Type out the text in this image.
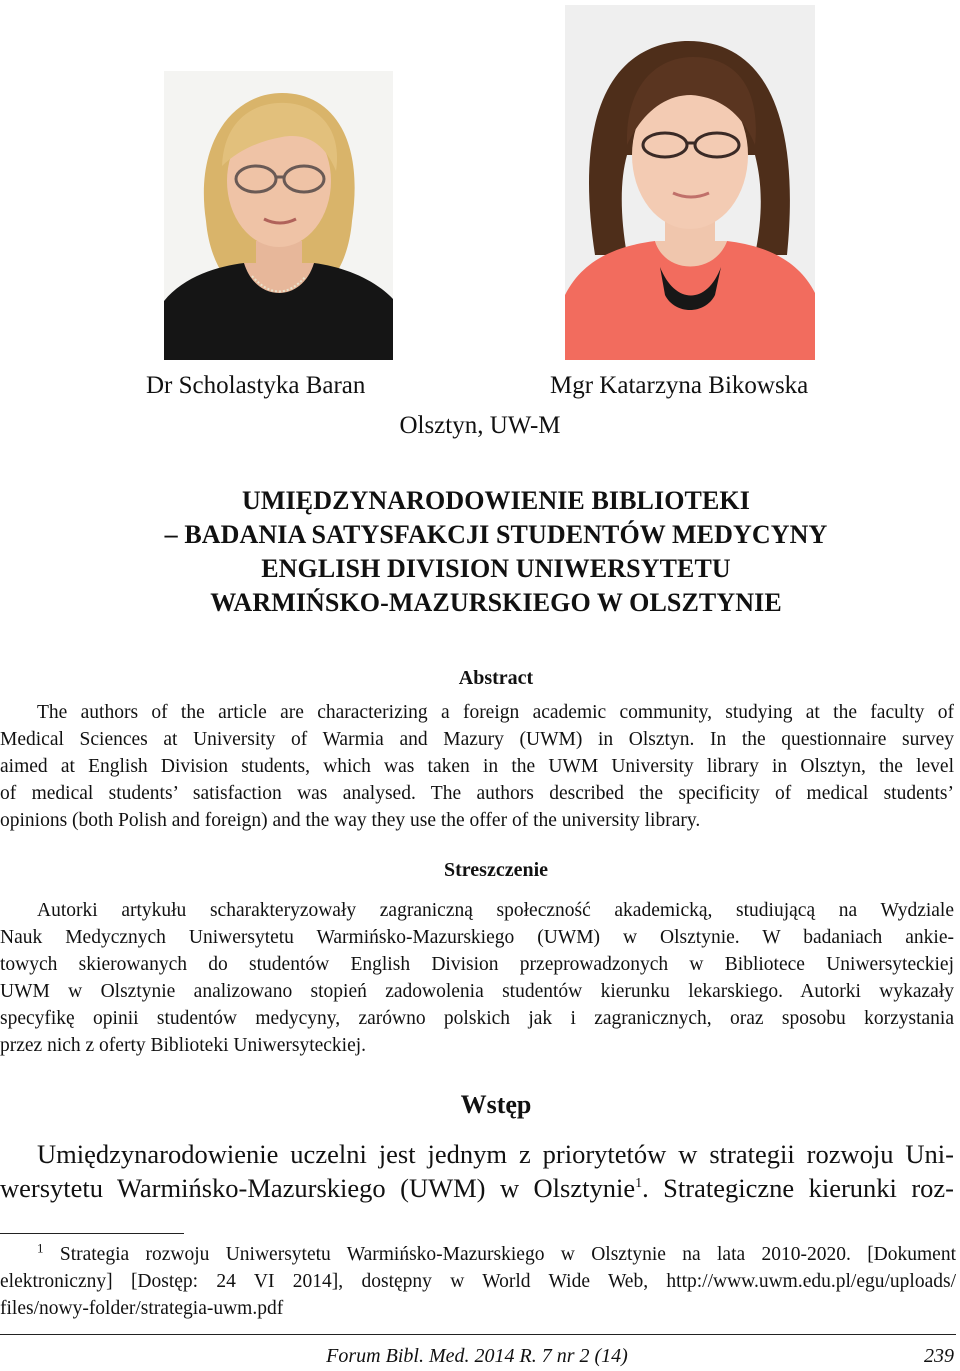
Dr Scholastyka Baran	Mgr Katarzyna Bikowska
Olsztyn, UW-M
UMIĘDZYNARODOWIENIE BIBLIOTEKI
– BADANIA SATYSFAKCJI STUDENTÓW MEDYCYNY
ENGLISH DIVISION UNIWERSYTETU
WARMIŃSKO-MAZURSKIEGO W OLSZTYNIE
Abstract
The authors of the article are characterizing a foreign academic community, studying at the faculty of
Medical Sciences at University of Warmia and Mazury (UWM) in Olsztyn. In the questionnaire survey
aimed at English Division students, which was taken in the UWM University library in Olsztyn, the level
of medical students’ satisfaction was analysed. The authors described the specificity of medical students’
opinions (both Polish and foreign) and the way they use the offer of the university library.
Streszczenie
Autorki artykułu scharakteryzowały zagraniczną społeczność akademicką, studiującą na Wydziale
Nauk Medycznych Uniwersytetu Warmińsko-Mazurskiego (UWM) w Olsztynie. W badaniach ankie-
towych skierowanych do studentów English Division przeprowadzonych w Bibliotece Uniwersyteckiej
UWM w Olsztynie analizowano stopień zadowolenia studentów kierunku lekarskiego. Autorki wykazały
specyfikę opinii studentów medycyny, zarówno polskich jak i zagranicznych, oraz sposobu korzystania
przez nich z oferty Biblioteki Uniwersyteckiej.
Wstęp
Umiędzynarodowienie uczelni jest jednym z priorytetów w strategii rozwoju Uni-
wersytetu Warmińsko-Mazurskiego (UWM) w Olsztynie$^1$. Strategiczne kierunki roz-
$^1$ Strategia rozwoju Uniwersytetu Warmińsko-Mazurskiego w Olsztynie na lata 2010-2020. [Dokument
elektroniczny] [Dostęp: 24 VI 2014], dostępny w World Wide Web, http://www.uwm.edu.pl/egu/uploads/
files/nowy-folder/strategia-uwm.pdf
Forum Bibl. Med. 2014 R. 7 nr 2 (14)	239
